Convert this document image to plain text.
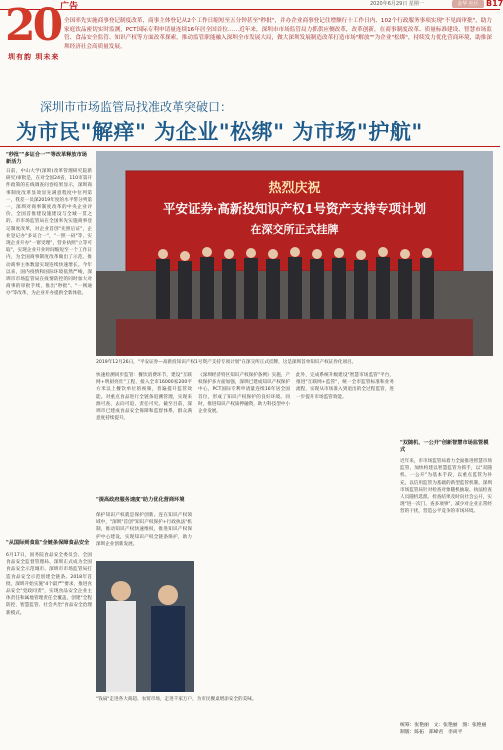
广告	2020年6月29日 星期一	金华 社区 B17
20
圳有韵 圳未来
全国率先实施商事登记制度改革，商事主体登记从2个工作日缩短至五分钟甚至"秒批"，并办企业商事登记住增额行十工作日内、102个行政服务事项实现"不见面审批"，助力家庭饮品密切实时监测，PCT国际专利申请量连续16年居全国首位……近年来，深圳市市场监管局力抓供应侧改革，改革创新，在商事制度改革、质量标准建设、智慧市场监管、食品安全监管、知识产权等方面改革探索，推动监管职能融入深圳全市发展大局，做大深圳发展制造改革打造市场"解放""为企业"松绑"，持续发力优化营商环境，助推深圳经济社会高质量发展。
深圳市市场监管局找准改革突破口：
为市民"解痒" 为企业"松绑" 为市场"护航"
"秒批""多证合一""等改革释放市场新活力
日前，中山大学(深圳)改革管理研究院新研究)审批是，在对全国24省，110市第开件政策的在线调查问卷结果显示，深圳商事制度改革显效显先满意程度中位列第一，我差一员深2019年度的水平带分列第一，深圳对商事制度改革的中央企业评价，全国首推建设施建设与全城一贯之的。市市场监管局在全国率先实施商事登记制度改革，对企业首创"先照后证"，企业登记办"多证合一"，"一照一码"等，实现企业开办"一窗受理"，营业执照"立等可取"，实现企业开业时间缩短至一个工作日内，为全国商事制度改革做出了示范，推动商事主体数量实现连续快速增长。今年以来，国内疫情和国际环境依然严峻，深圳市市场监管局在疫情防控的同时加大对商事的审批手续，推出"秒批"、"一网通办"等改革，为企业开办提供全新体验。
"从国际到食监"全链条保障食品安全
6月17日，国务院食品安全委员会、全国食品安全监督管理局、深圳正式成为全国食品安全示范城市。深圳市市场监管局打造食品安全示范创建全链条。2018年首批，深圳开始实施"4个最严"要求，推进食品安全"党政同责"，实现食品安全企业主体责任和属地管理责任全覆盖，创建"全程防控、智慧监管、社会共治"食品安全治理新模式。
热烈庆祝
平安证券·高新投知识产权1号资产支持专项计划
在深交所正式挂牌
2019年12月26日，"平安证券—高新投知识产权1号资产支持专项计划"在深交所正式挂牌，这是深圳首单知识产权证券化项目。
快速检测同步监管：餐饮消费环节，建设"互联网+明厨亮灶"工程，接入全市16000家200平方米以上餐饮单位的视频，普遍提升监管效能。对重点食品进行全链条追溯管理，实现来源可查、去向可追、责任可究。截至目前，深圳市已建成食品安全保障和监督体系，群众满意度持续提升。
"提高政府服务速度"助力优化营商环境
保护知识产权就是保护创新。连在知识产权领域中，"深圳"首创"知识产权保护+行政执法"机制，推动知识产权快速维权，推进知识产权保护中心建设，实现知识产权全链条保护，助力深圳企业创新发展。
"钱扇"走进各大商超、农贸市场，走进千家万户，为市民餐桌增添安全的美味。
《深圳经济特区知识产权保护条例》实施，产权保护多方面加强，深圳已建成知识产权保护中心，PCT国际专利申请量连续16年居全国首位，形成了知识产权保护的良好环境。同时，推进知识产权质押融资，助力科技型中小企业发展。
此外，完成系统升级建设"智慧市场监管"平台，推进"互联网+监管"，统一全市监管标准和业务流程，实现从市场准入到退出的全过程监管，进一步提升市场监管效能。
"双随机、一公开"创新智慧市场监管模式
近年来，市市场监管局着力全面推进智慧市场监管，加快构建以智慧监管为抓手，以"双随机、一公开"为基本手段，以重点监管为补充，以信用监管为基础的新型监管机制。深圳市场监管局针对检查对象随机抽取、执法检查人员随机选派、检查结果及时向社会公开，实现"进一次门、查多项事"，减少对企业正常经营的干扰，营造公平竞争的市场环境。
统筹：张艳丽　文：张艳丽　图：张艳丽
制版：陈拓　郑峰君　李尚平
